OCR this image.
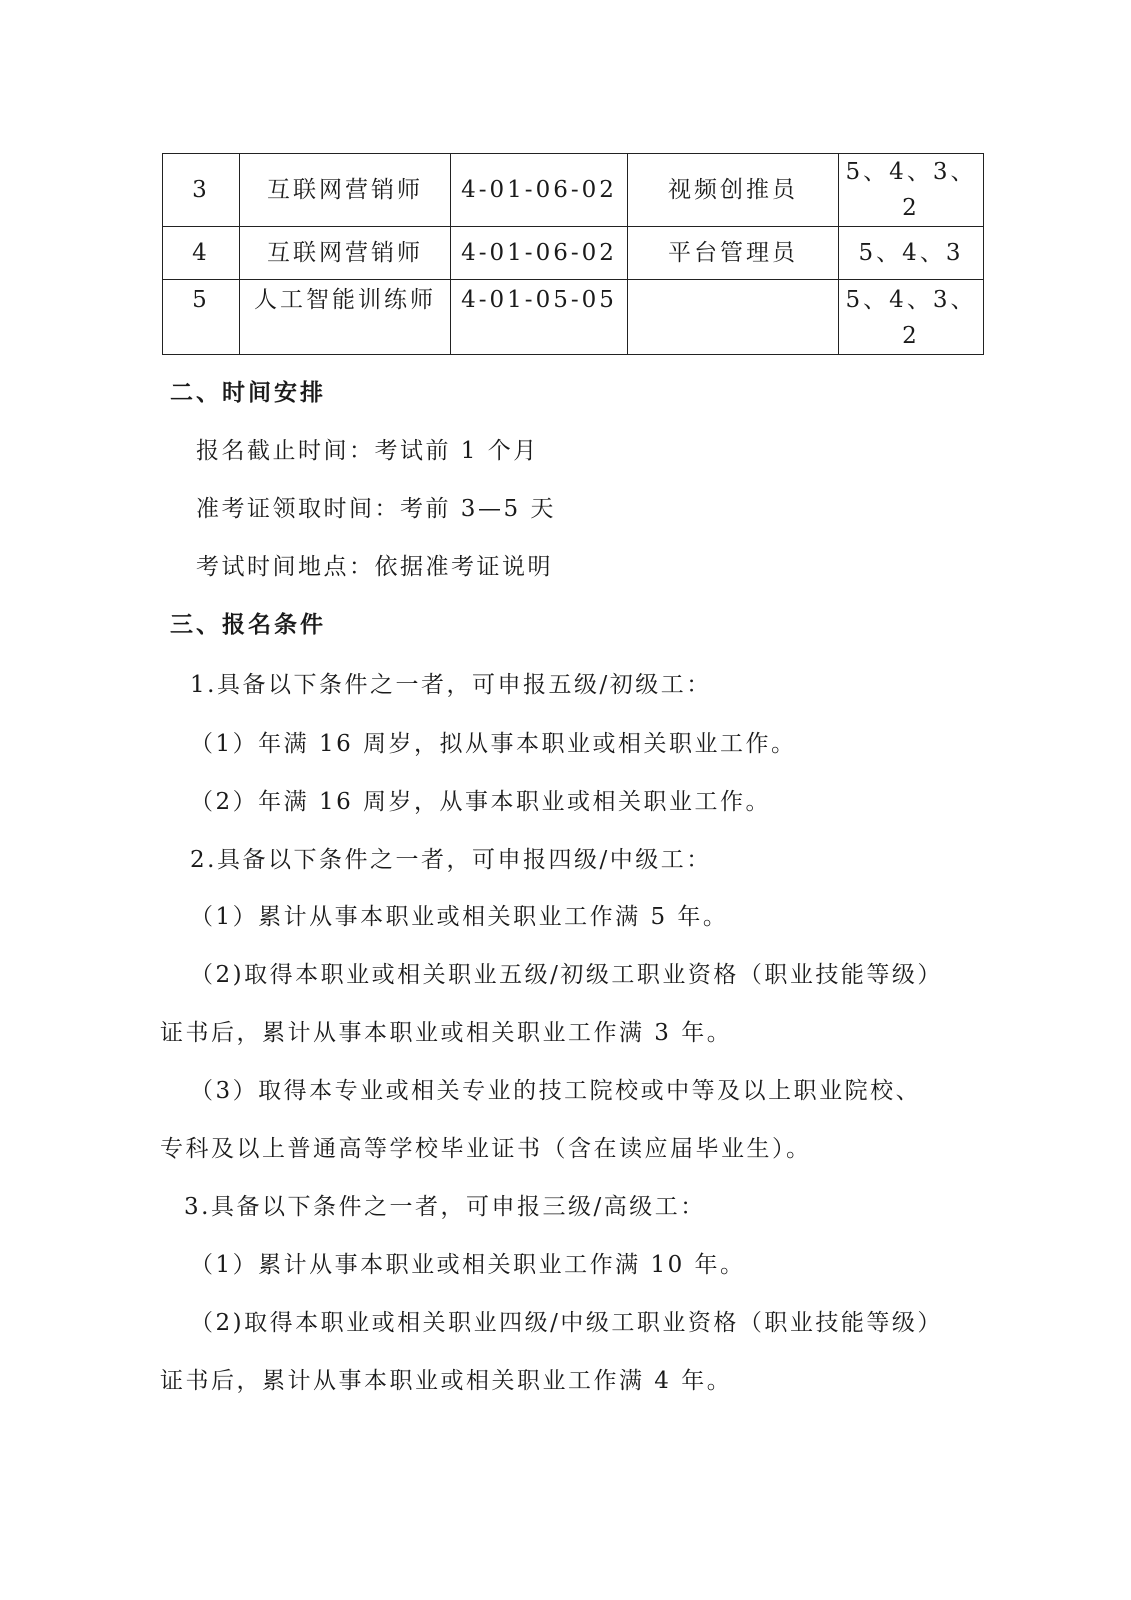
3	互联网营销师	4-01-06-02	视频创推员	5、4、3、2
4	互联网营销师	4-01-06-02	平台管理员	5、4、3
5	人工智能训练师	4-01-05-05		5、4、3、2
二、时间安排
报名截止时间：考试前 1 个月
准考证领取时间：考前 3—5 天
考试时间地点：依据准考证说明
三、报名条件
1.具备以下条件之一者，可申报五级/初级工：
（1）年满 16 周岁，拟从事本职业或相关职业工作。
（2）年满 16 周岁，从事本职业或相关职业工作。
2.具备以下条件之一者，可申报四级/中级工：
（1）累计从事本职业或相关职业工作满 5 年。
（2)取得本职业或相关职业五级/初级工职业资格（职业技能等级）
证书后，累计从事本职业或相关职业工作满 3 年。
（3）取得本专业或相关专业的技工院校或中等及以上职业院校、
专科及以上普通高等学校毕业证书（含在读应届毕业生）。
3.具备以下条件之一者，可申报三级/高级工：
（1）累计从事本职业或相关职业工作满 10 年。
（2)取得本职业或相关职业四级/中级工职业资格（职业技能等级）
证书后，累计从事本职业或相关职业工作满 4 年。
